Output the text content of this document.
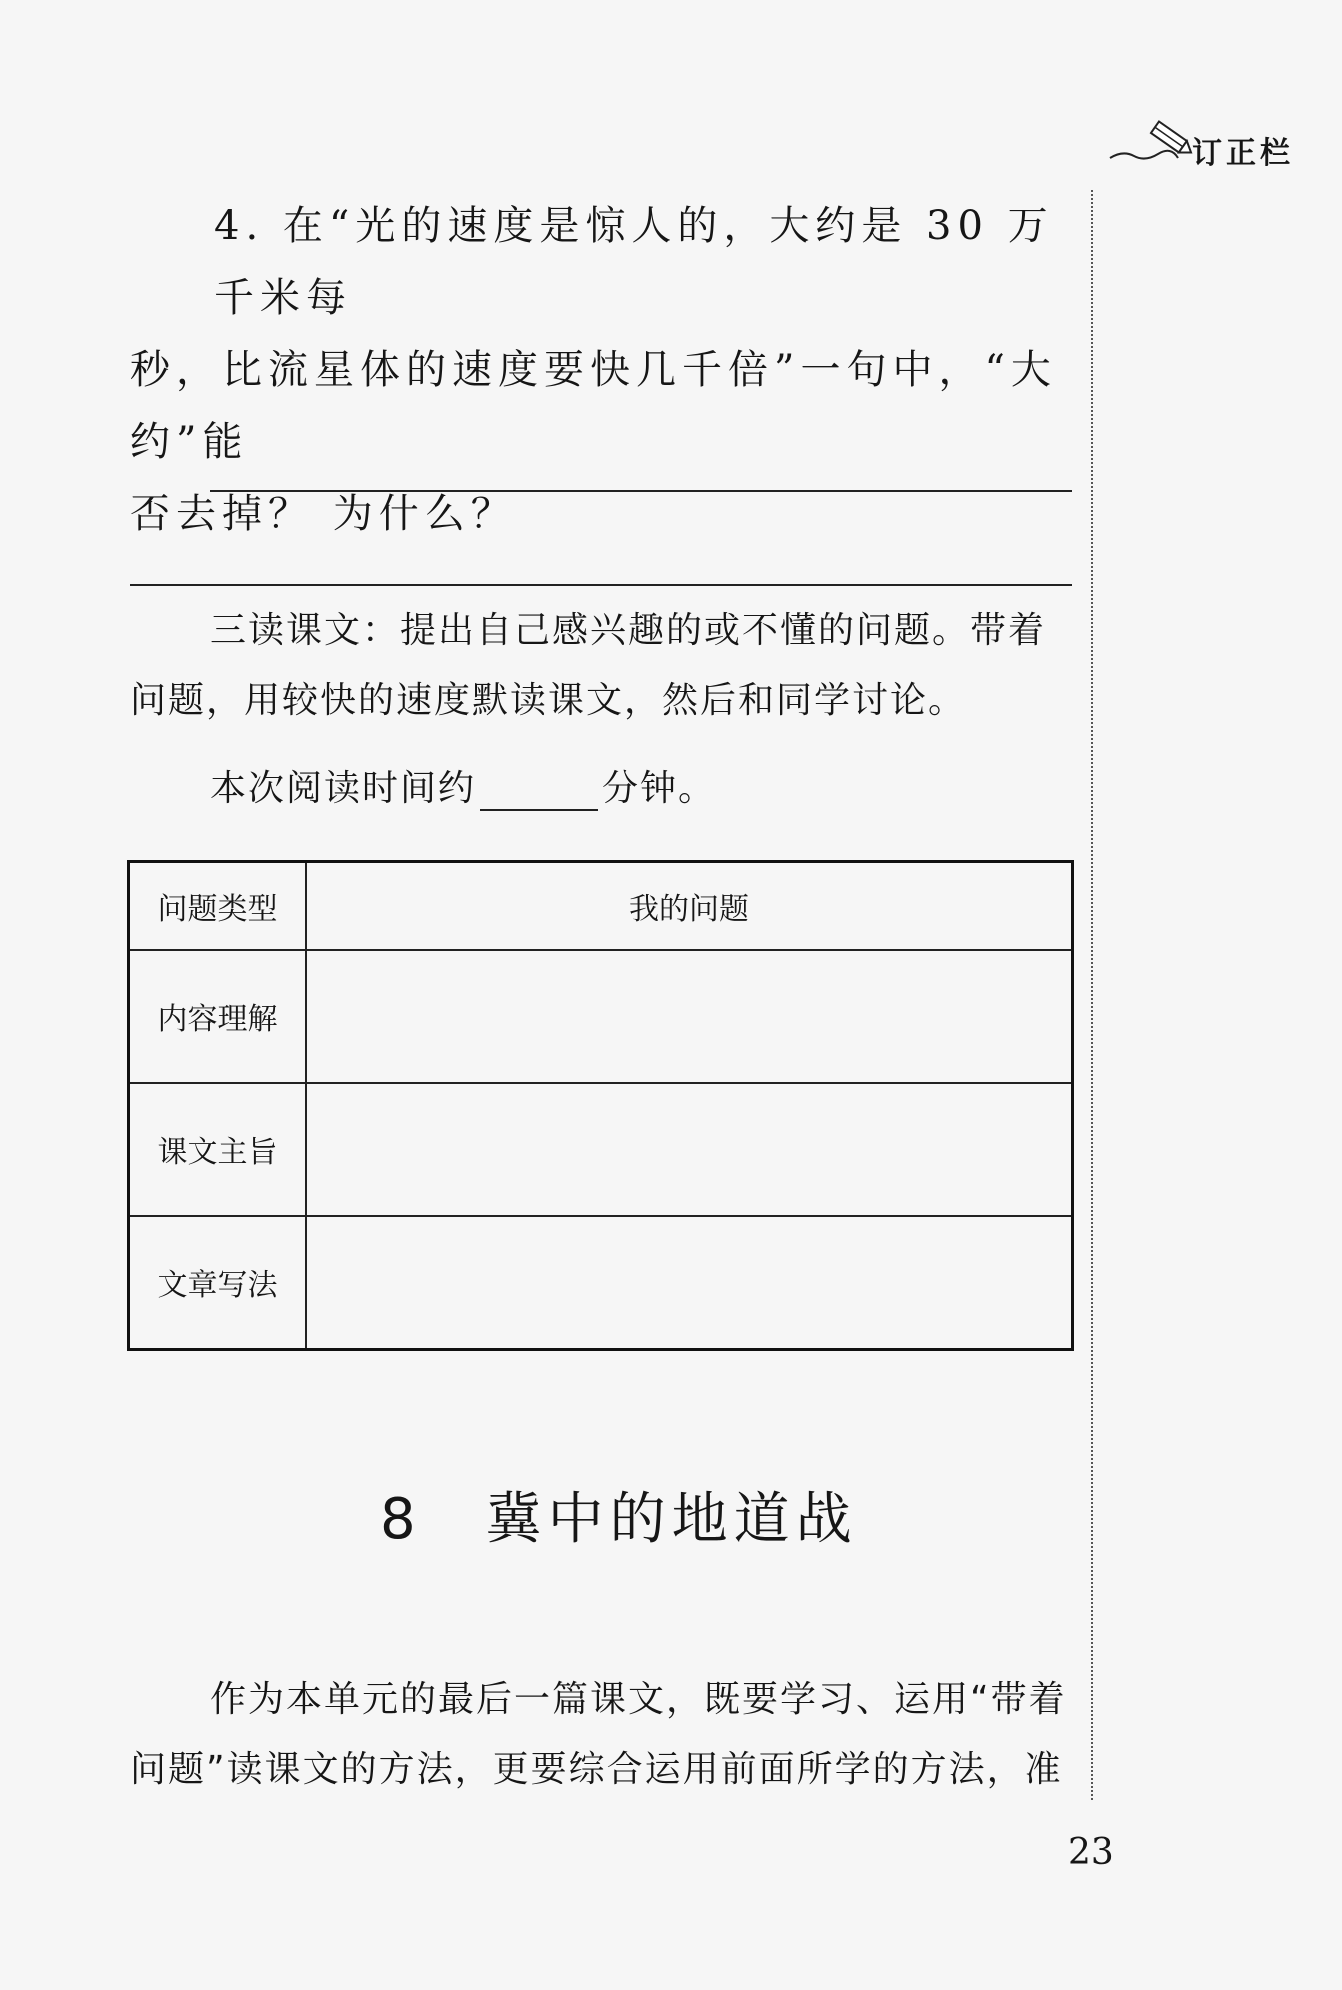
订正栏
4. 在“光的速度是惊人的，大约是 30 万千米每
秒，比流星体的速度要快几千倍”一句中，“大约”能
否去掉？ 为什么？
三读课文：提出自己感兴趣的或不懂的问题。带着
问题，用较快的速度默读课文，然后和同学讨论。
本次阅读时间约	分钟。
问题类型	我的问题
内容理解	
课文主旨	
文章写法	
8 冀中的地道战
作为本单元的最后一篇课文，既要学习、运用“带着
问题”读课文的方法，更要综合运用前面所学的方法，准
23
